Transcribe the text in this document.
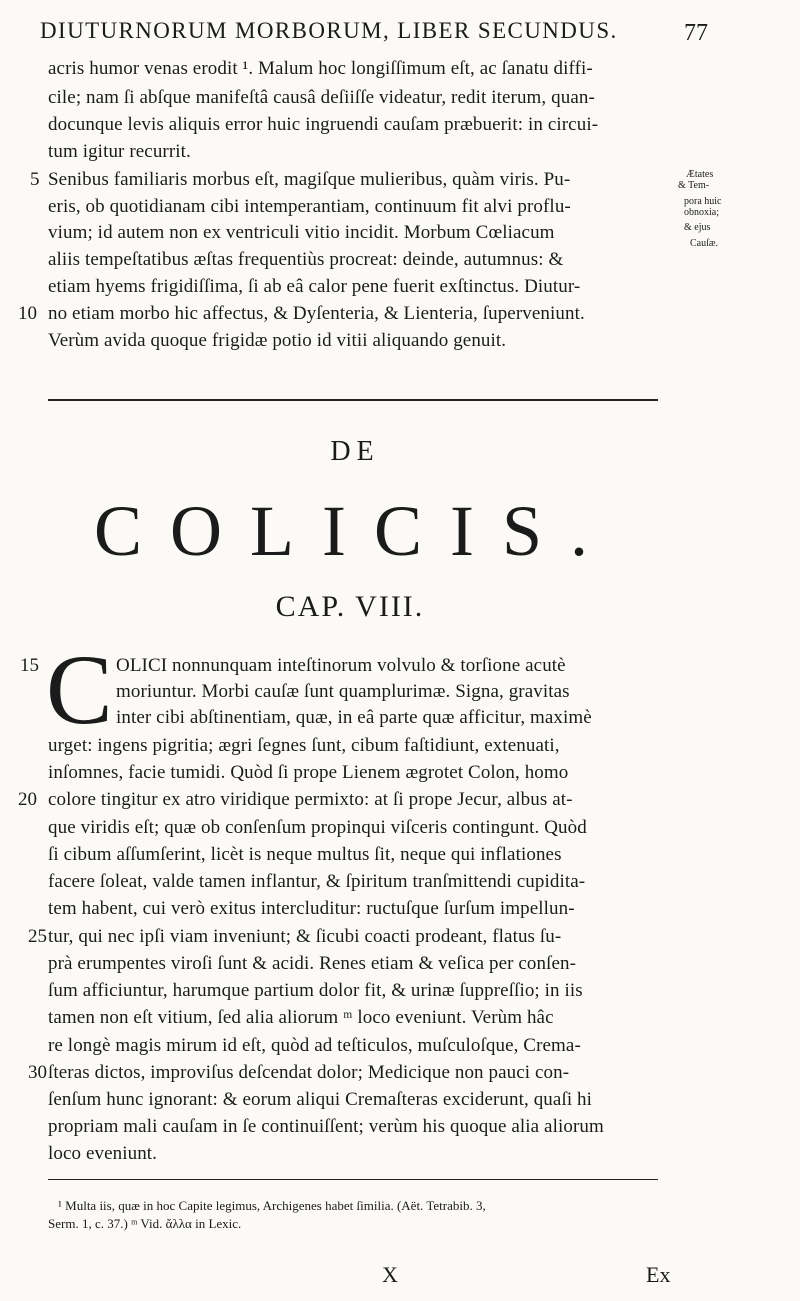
DIUTURNORUM MORBORUM, LIBER SECUNDUS.	77
acris humor venas erodit ¹. Malum hoc longiſſimum eſt, ac ſanatu diffi-
cile; nam ſi abſque manifeſtâ causâ deſiiſſe videatur, redit iterum, quan-
docunque levis aliquis error huic ingruendi cauſam præbuerit: in circui-
tum igitur recurrit.
Senibus familiaris morbus eſt, magiſque mulieribus, quàm viris. Pu-
eris, ob quotidianam cibi intemperantiam, continuum fit alvi proflu-
vium; id autem non ex ventriculi vitio incidit. Morbum Cœliacum
aliis tempeſtatibus æſtas frequentiùs procreat: deinde, autumnus: &
etiam hyems frigidiſſima, ſi ab eâ calor pene fuerit exſtinctus. Diutur-
no etiam morbo hic affectus, & Dyſenteria, & Lienteria, ſuperveniunt.
Verùm avida quoque frigidæ potio id vitii aliquando genuit.
5
10
Ætates
& Tem-
pora huic
obnoxia;
& ejus
Cauſæ.
DE
COLICIS.
CAP. VIII.
C OLICI nonnunquam inteſtinorum volvulo & torſione acutè
moriuntur. Morbi cauſæ ſunt quamplurimæ. Signa, gravitas
inter cibi abſtinentiam, quæ, in eâ parte quæ afficitur, maximè
urget: ingens pigritia; ægri ſegnes ſunt, cibum faſtidiunt, extenuati,
inſomnes, facie tumidi. Quòd ſi prope Lienem ægrotet Colon, homo
colore tingitur ex atro viridique permixto: at ſi prope Jecur, albus at-
que viridis eſt; quæ ob conſenſum propinqui viſceris contingunt. Quòd
ſi cibum aſſumſerint, licèt is neque multus ſit, neque qui inflationes
facere ſoleat, valde tamen inflantur, & ſpiritum tranſmittendi cupidita-
tem habent, cui verò exitus intercluditur: ructuſque ſurſum impellun-
tur, qui nec ipſi viam inveniunt; & ſicubi coacti prodeant, flatus ſu-
prà erumpentes viroſi ſunt & acidi. Renes etiam & veſica per conſen-
ſum afficiuntur, harumque partium dolor fit, & urinæ ſuppreſſio; in iis
tamen non eſt vitium, ſed alia aliorum ᵐ loco eveniunt. Verùm hâc
re longè magis mirum id eſt, quòd ad teſticulos, muſculoſque, Crema-
ſteras dictos, improviſus deſcendat dolor; Medicique non pauci con-
ſenſum hunc ignorant: & eorum aliqui Cremaſteras exciderunt, quaſi hi
propriam mali cauſam in ſe continuiſſent; verùm his quoque alia aliorum
loco eveniunt.
15
20
25
30
¹ Multa iis, quæ in hoc Capite legimus, Archigenes habet ſimilia. (Aët. Tetrabib. 3,
Serm. 1, c. 37.) ᵐ Vid. ἄλλα in Lexic.
X	Ex
